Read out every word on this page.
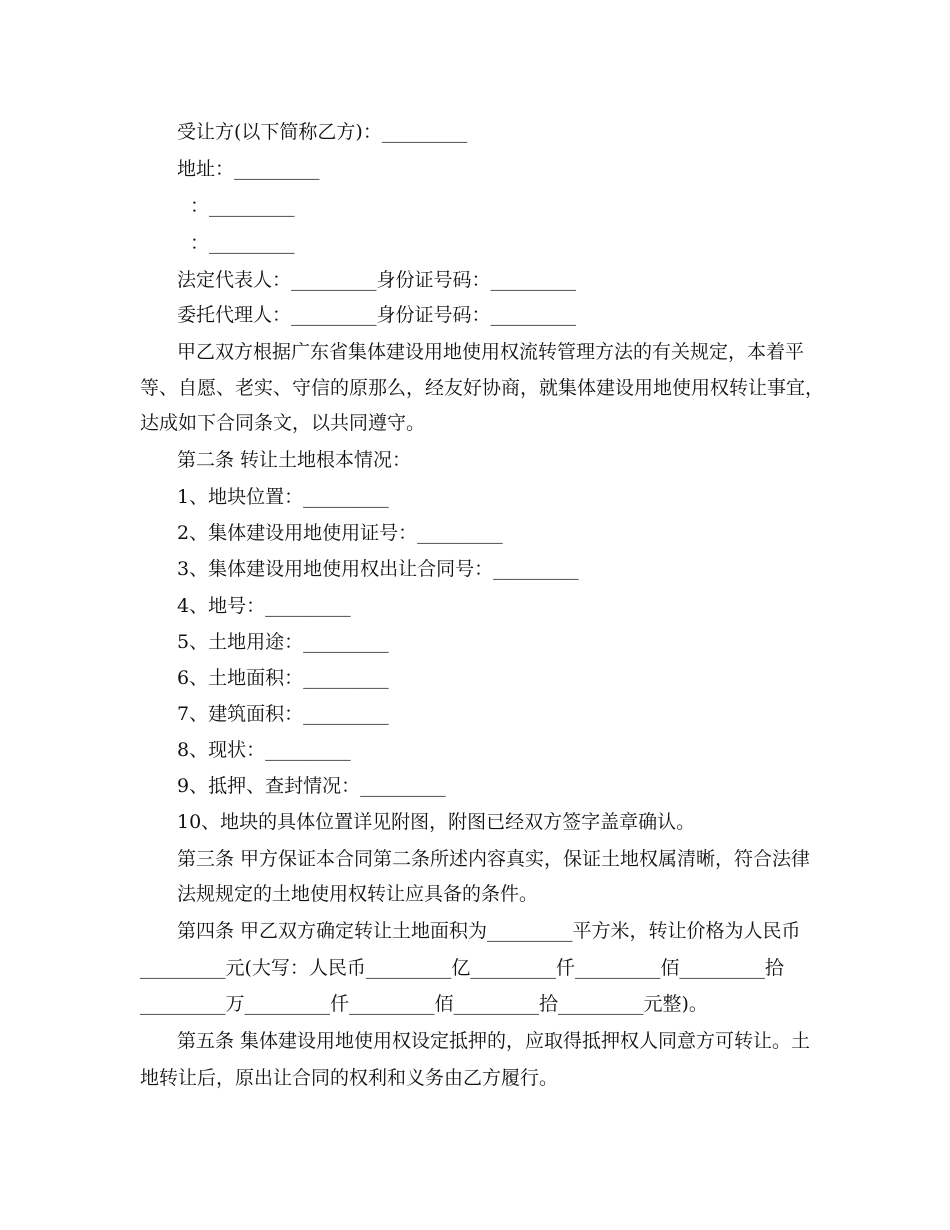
受让方(以下简称乙方)：_________
地址：_________
：_________
：_________
法定代表人：_________身份证号码：_________
委托代理人：_________身份证号码：_________
甲乙双方根据广东省集体建设用地使用权流转管理方法的有关规定，本着平
等、自愿、老实、守信的原那么，经友好协商，就集体建设用地使用权转让事宜，
达成如下合同条文，以共同遵守。
第二条 转让土地根本情况：
1、地块位置：_________
2、集体建设用地使用证号：_________
3、集体建设用地使用权出让合同号：_________
4、地号：_________
5、土地用途：_________
6、土地面积：_________
7、建筑面积：_________
8、现状：_________
9、抵押、查封情况：_________
10、地块的具体位置详见附图，附图已经双方签字盖章确认。
第三条 甲方保证本合同第二条所述内容真实，保证土地权属清晰，符合法律
法规规定的土地使用权转让应具备的条件。
第四条 甲乙双方确定转让土地面积为_________平方米，转让价格为人民币
_________元(大写：人民币_________亿_________仟_________佰_________拾
_________万_________仟_________佰_________拾_________元整)。
第五条 集体建设用地使用权设定抵押的，应取得抵押权人同意方可转让。土
地转让后，原出让合同的权利和义务由乙方履行。
